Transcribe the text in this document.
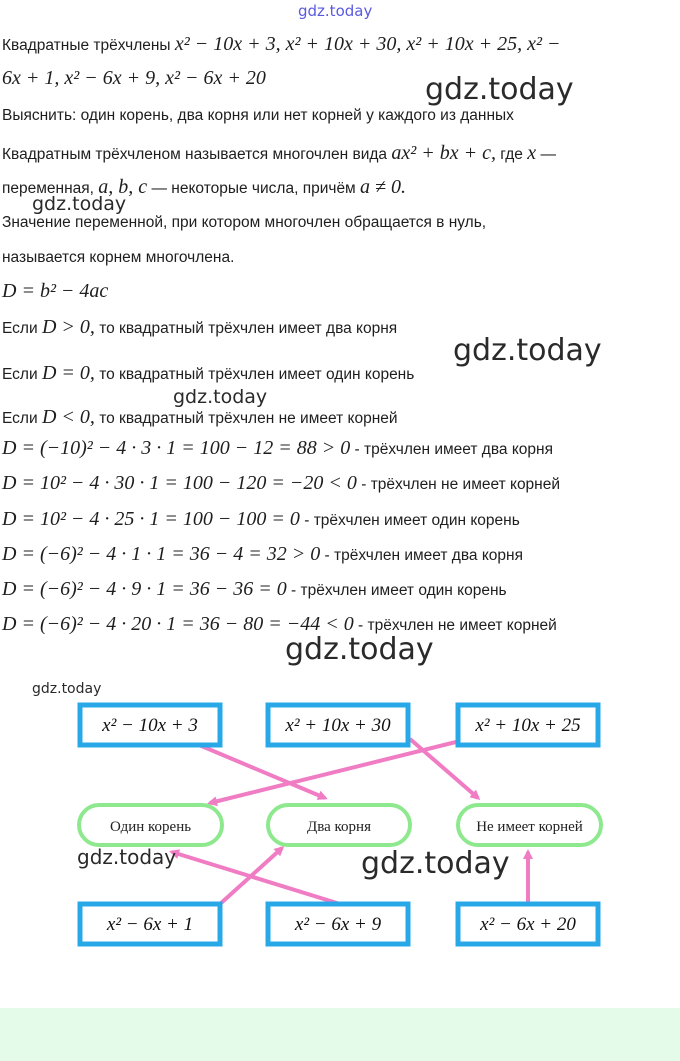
gdz.today
Квадратные трёхчлены x² − 10x + 3, x² + 10x + 30, x² + 10x + 25, x² −
6x + 1, x² − 6x + 9, x² − 6x + 20	gdz.today
Выяснить: один корень, два корня или нет корней у каждого из данных
Квадратным трёхчленом называется многочлен вида ax² + bx + c, где x —
переменная, a, b, c — некоторые числа, причём a ≠ 0.
gdz.today
Значение переменной, при котором многочлен обращается в нуль,
называется корнем многочлена.
D = b² − 4ac
Если D > 0, то квадратный трёхчлен имеет два корня
gdz.today
Если D = 0, то квадратный трёхчлен имеет один корень
gdz.today
Если D < 0, то квадратный трёхчлен не имеет корней
D = (−10)² − 4 · 3 · 1 = 100 − 12 = 88 > 0 - трёхчлен имеет два корня
D = 10² − 4 · 30 · 1 = 100 − 120 = −20 < 0 - трёхчлен не имеет корней
D = 10² − 4 · 25 · 1 = 100 − 100 = 0 - трёхчлен имеет один корень
D = (−6)² − 4 · 1 · 1 = 36 − 4 = 32 > 0 - трёхчлен имеет два корня
D = (−6)² − 4 · 9 · 1 = 36 − 36 = 0 - трёхчлен имеет один корень
D = (−6)² − 4 · 20 · 1 = 36 − 80 = −44 < 0 - трёхчлен не имеет корней
gdz.today
gdz.today
x² − 10x + 3	x² + 10x + 30	x² + 10x + 25
Один корень	Два корня	Не имеет корней
x² − 6x + 1	x² − 6x + 9	x² − 6x + 20
gdz.today	gdz.today
